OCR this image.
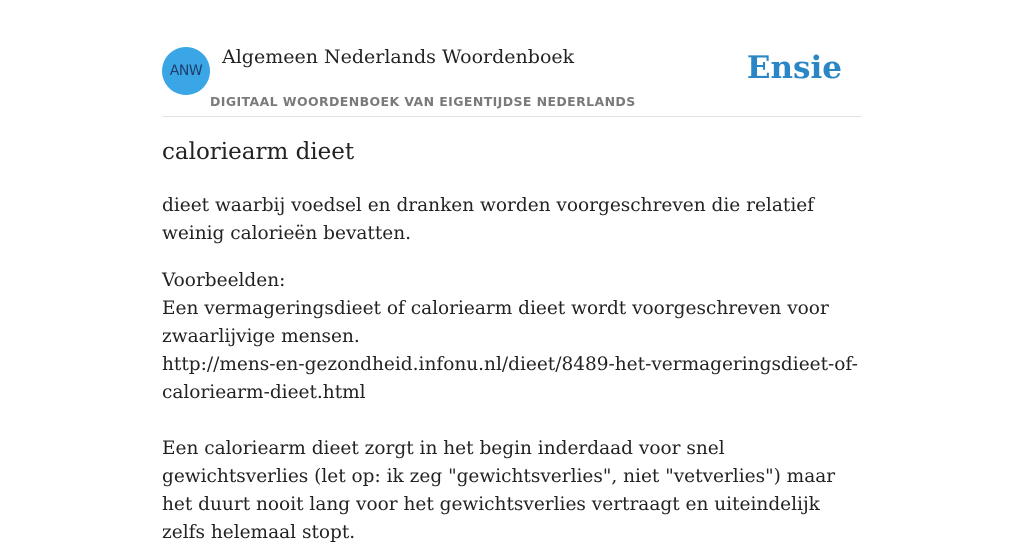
ANW
Algemeen Nederlands Woordenboek
DIGITAAL WOORDENBOEK VAN EIGENTIJDSE NEDERLANDS
Ensie
caloriearm dieet

dieet waarbij voedsel en dranken worden voorgeschreven die relatief weinig calorieën bevatten.

Voorbeelden:

Een vermageringsdieet of caloriearm dieet wordt voorgeschreven voor zwaarlijvige mensen.

http://mens-en-gezondheid.infonu.nl/dieet/8489-het-vermageringsdieet-of-caloriearm-dieet.html

Een caloriearm dieet zorgt in het begin inderdaad voor snel gewichtsverlies (let op: ik zeg "gewichtsverlies", niet "vetverlies") maar het duurt nooit lang voor het gewichtsverlies vertraagt en uiteindelijk zelfs helemaal stopt.
